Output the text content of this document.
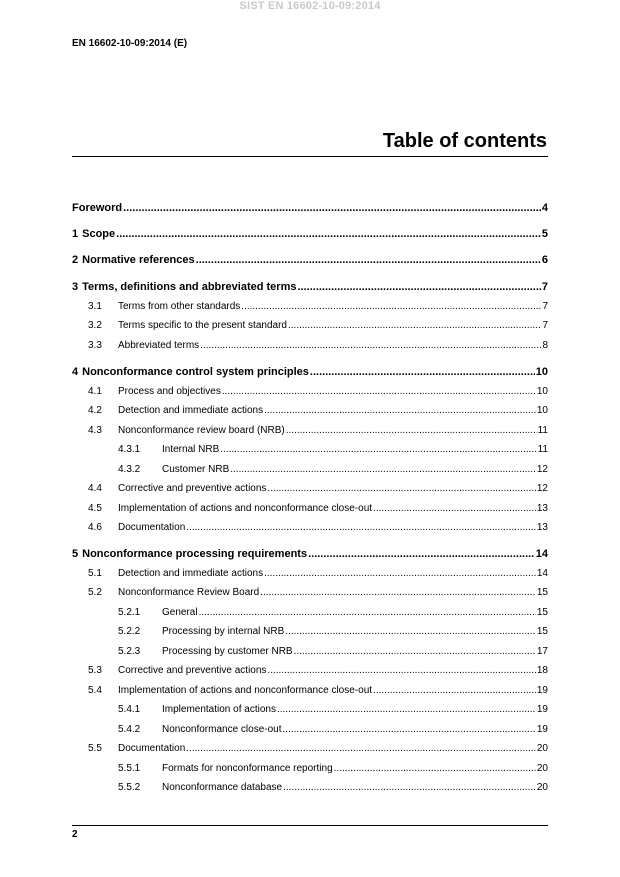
SIST EN 16602-10-09:2014
EN 16602-10-09:2014 (E)
Table of contents
Foreword .....	4
1 Scope .....	5
2 Normative references .....	6
3 Terms, definitions and abbreviated terms .....	7
3.1	Terms from other standards .....	7
3.2	Terms specific to the present standard .....	7
3.3	Abbreviated terms .....	8
4 Nonconformance control system principles .....	10
4.1	Process and objectives .....	10
4.2	Detection and immediate actions .....	10
4.3	Nonconformance review board (NRB) .....	11
4.3.1	Internal NRB .....	11
4.3.2	Customer NRB .....	12
4.4	Corrective and preventive actions .....	12
4.5	Implementation of actions and nonconformance close-out .....	13
4.6	Documentation .....	13
5 Nonconformance processing requirements .....	14
5.1	Detection and immediate actions .....	14
5.2	Nonconformance Review Board .....	15
5.2.1	General .....	15
5.2.2	Processing by internal NRB .....	15
5.2.3	Processing by customer NRB .....	17
5.3	Corrective and preventive actions .....	18
5.4	Implementation of actions and nonconformance close-out .....	19
5.4.1	Implementation of actions .....	19
5.4.2	Nonconformance close-out .....	19
5.5	Documentation .....	20
5.5.1	Formats for nonconformance reporting .....	20
5.5.2	Nonconformance database .....	20
2
